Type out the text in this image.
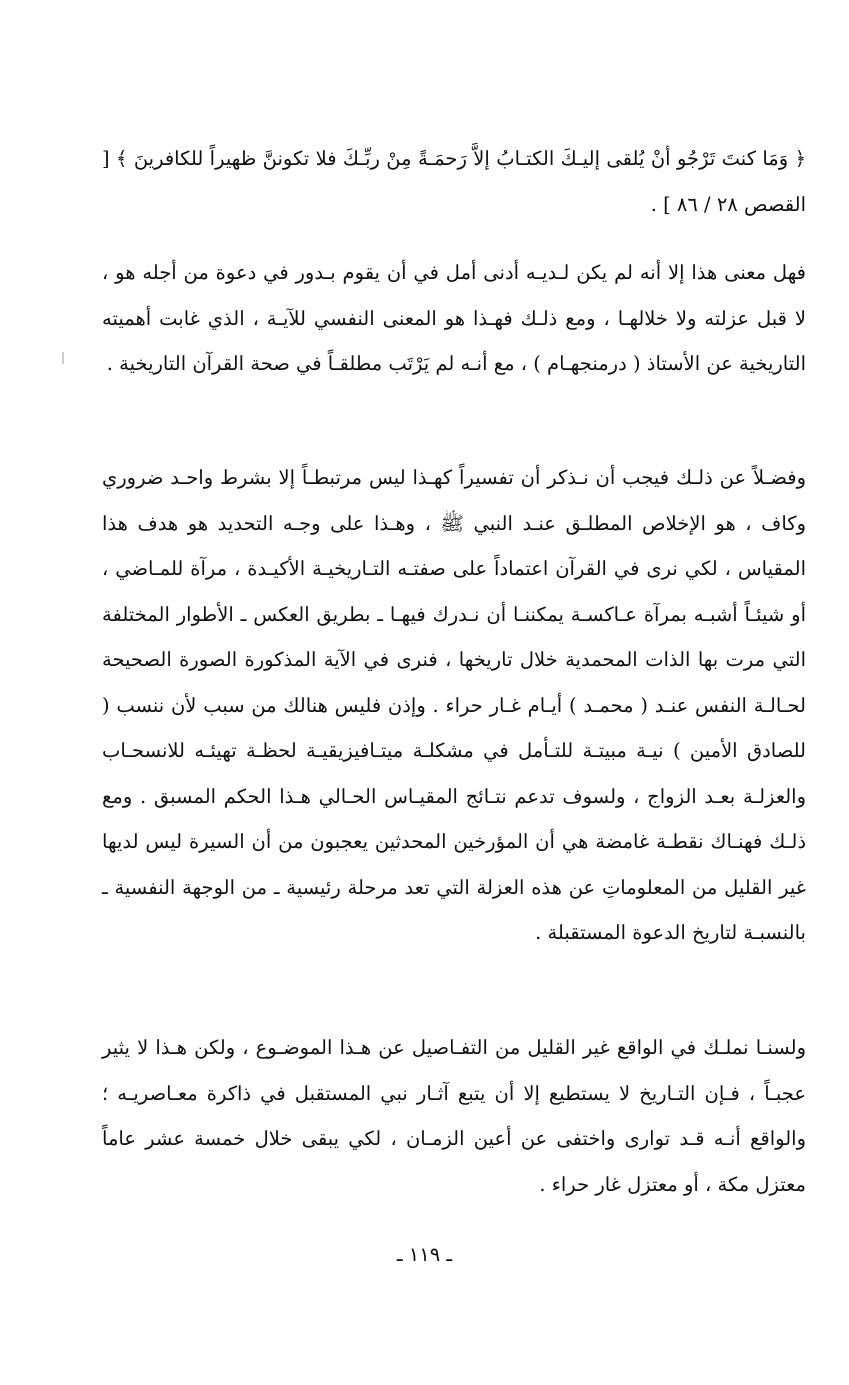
﴿ وَمَا كنتَ تَرْجُو أنْ يُلقى إليـكَ الكتـابُ إلاَّ رَحمَـةً مِنْ ربِّـكَ فلا تكوننَّ ظهيراً للكافرينَ ﴾ [ القصص ٢٨ / ٨٦ ] .

فهل معنى هذا إلا أنه لم يكن لـديـه أدنى أمل في أن يقوم بـدور في دعوة من أجله هو ، لا قبل عزلته ولا خلالهـا ، ومع ذلـك فهـذا هو المعنى النفسي للآيـة ، الذي غابت أهميته التاريخية عن الأستاذ ( درمنجهـام ) ، مع أنـه لم يَرْتَب مطلقـاً في صحة القرآن التاريخية .

وفضـلاً عن ذلـك فيجب أن نـذكر أن تفسيراً كهـذا ليس مرتبطـاً إلا بشرط واحـد ضروري وكاف ، هو الإخلاص المطلـق عنـد النبي ﷺ ، وهـذا على وجـه التحديد هو هدف هذا المقياس ، لكي نرى في القرآن اعتماداً على صفتـه التـاريخيـة الأكيـدة ، مرآة للمـاضي ، أو شيئـاً أشبـه بمرآة عـاكسـة يمكننـا أن نـدرك فيهـا ـ بطريق العكس ـ الأطوار المختلفة التي مرت بها الذات المحمدية خلال تاريخها ، فنرى في الآية المذكورة الصورة الصحيحة لحـالـة النفس عنـد ( محمـد ) أيـام غـار حراء . وإذن فليس هنالك من سبب لأن ننسب ( للصادق الأمين ) نيـة مبيتـة للتـأمل في مشكلـة ميتـافيزيقيـة لحظـة تهيئـه للانسحـاب والعزلـة بعـد الزواج ، ولسوف تدعم نتـائج المقيـاس الحـالي هـذا الحكم المسبق . ومع ذلـك فهنـاك نقطـة غامضة هي أن المؤرخين المحدثين يعجبون من أن السيرة ليس لديها غير القليل من المعلوماتِ عن هذه العزلة التي تعد مرحلة رئيسية ـ من الوجهة النفسية ـ بالنسبـة لتاريخ الدعوة المستقبلة .

ولسنـا نملـك في الواقع غير القليل من التفـاصيل عن هـذا الموضـوع ، ولكن هـذا لا يثير عجبـاً ، فـإن التـاريخ لا يستطيع إلا أن يتبع آثـار نبي المستقبل في ذاكرة معـاصريـه ؛ والواقع أنـه قـد توارى واختفى عن أعين الزمـان ، لكي يبقى خلال خمسة عشر عاماً معتزل مكة ، أو معتزل غار حراء .

ـ ١١٩ ـ
